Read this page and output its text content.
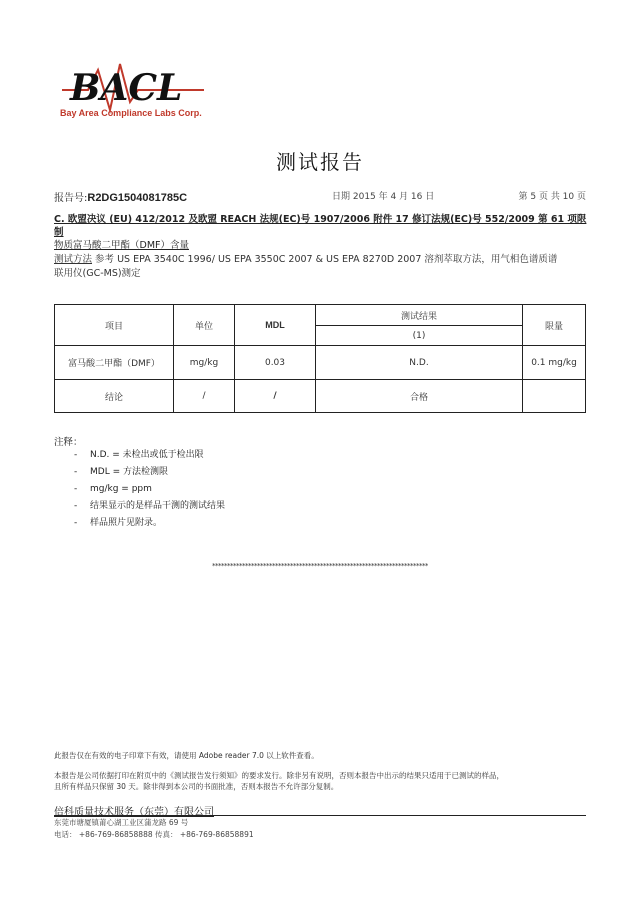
BACL
Bay Area Compliance Labs Corp.
测试报告
报告号:R2DG1504081785C	日期 2015 年 4 月 16 日	第 5 页 共 10 页
C. 欧盟决议 (EU) 412/2012 及欧盟 REACH 法规(EC)号 1907/2006 附件 17 修订法规(EC)号 552/2009 第 61 项限制
物质富马酸二甲酯（DMF）含量
测试方法 参考 US EPA 3540C 1996/ US EPA 3550C 2007 & US EPA 8270D 2007 溶剂萃取方法，用气相色谱质谱
联用仪(GC-MS)测定
项目	单位	MDL	测试结果	限量
			(1)	
富马酸二甲酯（DMF）	mg/kg	0.03	N.D.	0.1 mg/kg
结论	/	/	合格	
注释：
- N.D. = 未检出或低于检出限
- MDL = 方法检测限
- mg/kg = ppm
- 结果显示的是样品干测的测试结果
- 样品照片见附录。
************************************************************************
此报告仅在有效的电子印章下有效，请使用 Adobe reader 7.0 以上软件查看。
本报告是公司依据打印在附页中的《测试报告发行须知》的要求发行。除非另有说明，否则本报告中出示的结果只适用于已测试的样品，
且所有样品只保留 30 天。除非得到本公司的书面批准，否则本报告不允许部分复制。
倍科质量技术服务（东莞）有限公司
东莞市塘厦镇莆心湖工业区蒲龙路 69 号
电话： +86-769-86858888 传真： +86-769-86858891
